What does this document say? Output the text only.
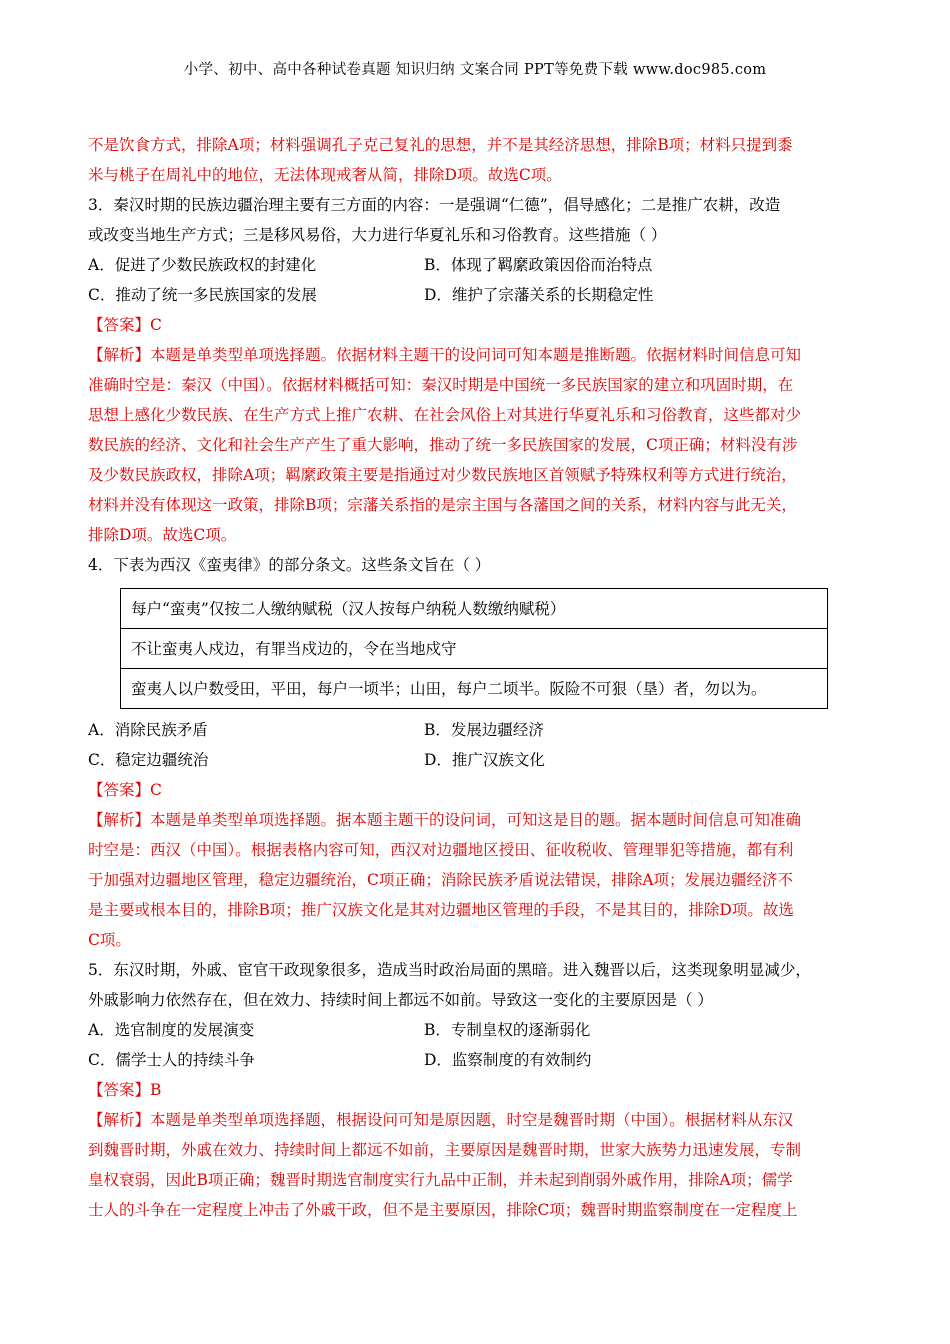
小学、初中、高中各种试卷真题 知识归纳 文案合同 PPT等免费下载 www.doc985.com
不是饮食方式，排除A项；材料强调孔子克己复礼的思想，并不是其经济思想，排除B项；材料只提到黍
米与桃子在周礼中的地位，无法体现戒奢从简，排除D项。故选C项。
3．秦汉时期的民族边疆治理主要有三方面的内容：一是强调“仁德”，倡导感化；二是推广农耕，改造
或改变当地生产方式；三是移风易俗，大力进行华夏礼乐和习俗教育。这些措施（ ）
A．促进了少数民族政权的封建化	B．体现了羁縻政策因俗而治特点
C．推动了统一多民族国家的发展	D．维护了宗藩关系的长期稳定性
【答案】C
【解析】本题是单类型单项选择题。依据材料主题干的设问词可知本题是推断题。依据材料时间信息可知
准确时空是：秦汉（中国）。依据材料概括可知：秦汉时期是中国统一多民族国家的建立和巩固时期，在
思想上感化少数民族、在生产方式上推广农耕、在社会风俗上对其进行华夏礼乐和习俗教育，这些都对少
数民族的经济、文化和社会生产产生了重大影响，推动了统一多民族国家的发展，C项正确；材料没有涉
及少数民族政权，排除A项；羁縻政策主要是指通过对少数民族地区首领赋予特殊权利等方式进行统治，
材料并没有体现这一政策，排除B项；宗藩关系指的是宗主国与各藩国之间的关系，材料内容与此无关，
排除D项。故选C项。
4．下表为西汉《蛮夷律》的部分条文。这些条文旨在（ ）
每户“蛮夷”仅按二人缴纳赋税（汉人按每户纳税人数缴纳赋税）
不让蛮夷人戍边，有罪当戍边的，令在当地戍守
蛮夷人以户数受田，平田，每户一顷半；山田，每户二顷半。阪险不可狠（垦）者，勿以为。
A．消除民族矛盾	B．发展边疆经济
C．稳定边疆统治	D．推广汉族文化
【答案】C
【解析】本题是单类型单项选择题。据本题主题干的设问词，可知这是目的题。据本题时间信息可知准确
时空是：西汉（中国）。根据表格内容可知，西汉对边疆地区授田、征收税收、管理罪犯等措施，都有利
于加强对边疆地区管理，稳定边疆统治，C项正确；消除民族矛盾说法错误，排除A项；发展边疆经济不
是主要或根本目的，排除B项；推广汉族文化是其对边疆地区管理的手段，不是其目的，排除D项。故选
C项。
5．东汉时期，外戚、宦官干政现象很多，造成当时政治局面的黑暗。进入魏晋以后，这类现象明显减少，
外戚影响力依然存在，但在效力、持续时间上都远不如前。导致这一变化的主要原因是（ ）
A．选官制度的发展演变	B．专制皇权的逐渐弱化
C．儒学士人的持续斗争	D．监察制度的有效制约
【答案】B
【解析】本题是单类型单项选择题，根据设问可知是原因题，时空是魏晋时期（中国）。根据材料从东汉
到魏晋时期，外戚在效力、持续时间上都远不如前，主要原因是魏晋时期，世家大族势力迅速发展，专制
皇权衰弱，因此B项正确；魏晋时期选官制度实行九品中正制，并未起到削弱外戚作用，排除A项；儒学
士人的斗争在一定程度上冲击了外戚干政，但不是主要原因，排除C项；魏晋时期监察制度在一定程度上
